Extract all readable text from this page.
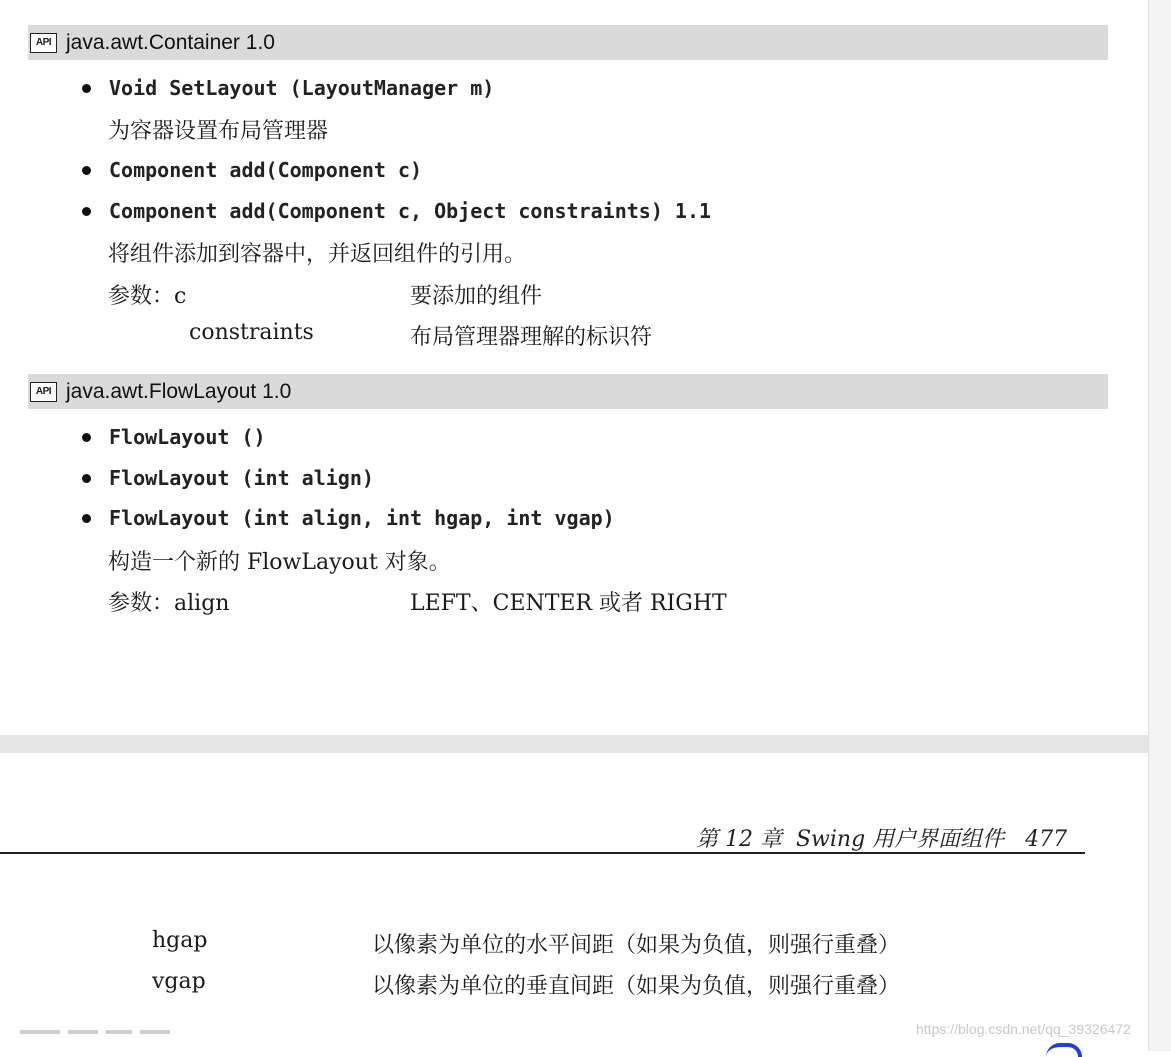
API java.awt.Container 1.0
Void SetLayout (LayoutManager m)
为容器设置布局管理器
Component add(Component c)
Component add(Component c, Object constraints) 1.1
将组件添加到容器中，并返回组件的引用。
参数：c	要添加的组件
constraints	布局管理器理解的标识符
API java.awt.FlowLayout 1.0
FlowLayout ()
FlowLayout (int align)
FlowLayout (int align, int hgap, int vgap)
构造一个新的 FlowLayout 对象。
参数：align	LEFT、CENTER 或者 RIGHT
第 12 章  Swing 用户界面组件   477
hgap	以像素为单位的水平间距（如果为负值，则强行重叠）
vgap	以像素为单位的垂直间距（如果为负值，则强行重叠）
https://blog.csdn.net/qq_39326472
